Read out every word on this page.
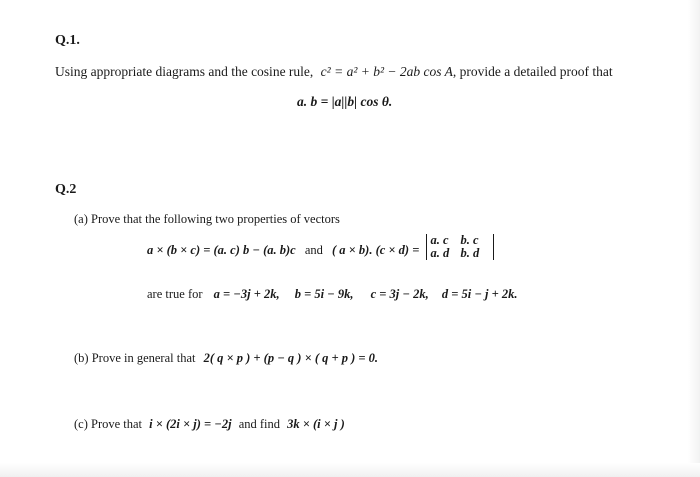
Q.1.
Using appropriate diagrams and the cosine rule, c² = a² + b² − 2ab cos A, provide a detailed proof that
a. b = |a||b| cos θ.
Q.2
(a) Prove that the following two properties of vectors
a × (b × c) = (a. c) b − (a. b)c and ( a × b). (c × d) =
a. c b. c
a. d b. d
are true for a = −3j + 2k, b = 5i − 9k, c = 3j − 2k, d = 5i − j + 2k.
(b) Prove in general that 2( q × p ) + (p − q ) × ( q + p ) = 0.
(c) Prove that i × (2i × j) = −2j and find 3k × (i × j )
